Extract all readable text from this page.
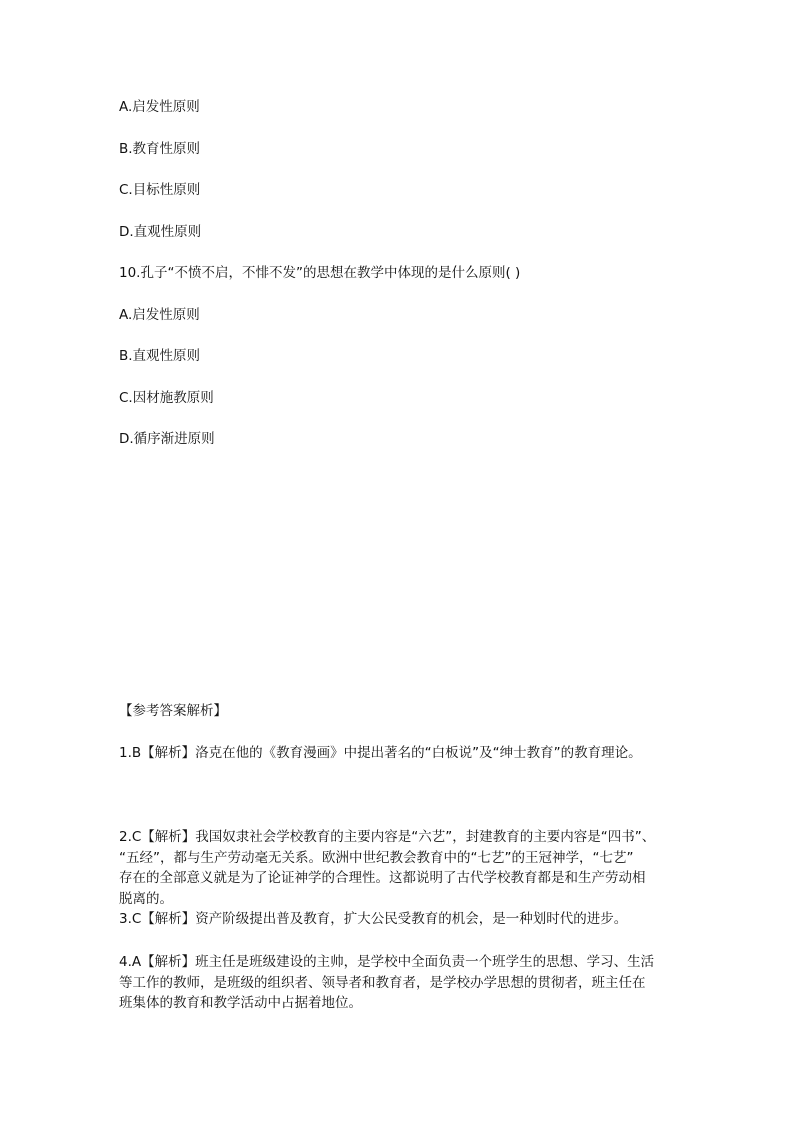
A.启发性原则
B.教育性原则
C.目标性原则
D.直观性原则
10.孔子“不愤不启，不悱不发”的思想在教学中体现的是什么原则( )
A.启发性原则
B.直观性原则
C.因材施教原则
D.循序渐进原则
【参考答案解析】
1.B【解析】洛克在他的《教育漫画》中提出著名的“白板说”及“绅士教育”的教育理论。
2.C【解析】我国奴隶社会学校教育的主要内容是“六艺”，封建教育的主要内容是“四书”、
“五经”，都与生产劳动毫无关系。欧洲中世纪教会教育中的“七艺”的王冠神学，“七艺”
存在的全部意义就是为了论证神学的合理性。这都说明了古代学校教育都是和生产劳动相
脱离的。
3.C【解析】资产阶级提出普及教育，扩大公民受教育的机会，是一种划时代的进步。
4.A【解析】班主任是班级建设的主帅，是学校中全面负责一个班学生的思想、学习、生活
等工作的教师，是班级的组织者、领导者和教育者，是学校办学思想的贯彻者，班主任在
班集体的教育和教学活动中占据着地位。
